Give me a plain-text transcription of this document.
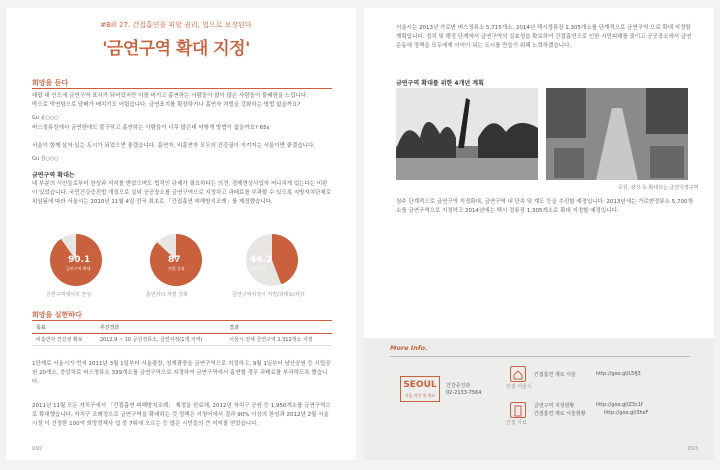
#Bill 27. 간접흡연을 피할 권리, 법으로 보장된다
'금연구역 확대 지정'
희망을 듣다
대답 대 인도에 금연구역 표시가 되어있지만 이를 어기고 흡연하는 사람들이 많이 많은 사람들이 불쾌함을 느낍니다.
박으로 막연함으로 담배가 배치기도 어렵습니다. 금연표지를 확장하거나 흡연자 처벌을 강화하는 방법 없을까요?
Gu 윤○○○
버스정류장에서 금연한데도 불구하고 흡연하는 사람들이 너무 많은데 어떻게 방법이 없을까요? 65s
서울이 함께 살자 있는 도시가 되었으면 좋겠습니다. 흡연자, 비흡연자 모두의 건강권이 지켜지는 서울이면 좋겠습니다.
Gu 김○○○
금연구역 확대는
대 부분의 시민들로부터 찬성과 지지를 받았으며도 법적인 규제가 필요하다는 의견, 경제면상사업자 저나치게 입는다는 비판이 있었습니다. 국민건강증진법 개정으로 실외 공공장소를 금연구역으로 지정하고 과태료를 부과할 수 있도록 지방자치단체로 위임됨에 따라 서울시는 2010년 11월 4일 전국 최초로 「간접흡연 피해방지조례」를 제정했습니다.
90.1
금연구역 확대
금연구역에서의 찬성
87
처벌 강화
흡연자의 처벌 강화
44.2
금연의지
금연구역지정시 처벌/과태료(사)?
희망을 실현하다
목표	추진경과	결과
비흡연자 건강권 확보	2012.9 ~ 10 공원정류소, 금연지정(1개 지역)	서울시 전체 금연구역 2,312개소 지정
1단계로 서울시가 먼저 2011년 3월 1일부터 서울광장, 청계광장을 금연구역으로 지정하고, 9월 1일부터 남산공원 등 시립공원 20개소, 중앙차로 버스정류소 339개소를 금연구역으로 지정하여 금연구역에서 흡연할 경우 과태료를 부과하도록 했습니다.
2011년 11월 모든 자치구에서 「간접흡연 피해방지조례」 제정을 완료해, 2012년 자치구 공원 등 1,950개소를 금연구역으로 확대했습니다. 자치구 조례정으로 금연구역을 확대하는 것 정책은 시청어에서 결과 90% 이상의 찬성과 2012년 2월 서울시청 이 선정한 100억 희망정책사 업 중 7위에 오르는 등 많은 시민들의 큰 지지를 얻었습니다.
092
서울시는 2013년 가로변 버스정류소 5,715개소, 2014년 택시정류장 1,305개소를 단계적으로 금연구역 으로 확대 지정할 계획입니다. 정치 및 행정 단계에서 금연구역의 실효성을 확보하여 간접흡연으로 인한 시민피해를 줄이고 공공장소에서 금연운동에 정책을 모두에게 이익이 되는 도시를 만들기 위해 노력하겠습니다.
금연구역 확대를 위한 4개년 계획
공원, 광장 등 확대되는 금연지정구역
청주 단계적으로 금연구역 지정확대, 금연구역 내 단속 및 계도 등을 추진할 예정입니다. 2013년에는 가로변정류소 5,700개소를 금연구역으로 지정하고 2014년에는 택시 정류장 1,305개소로 확대 지정할 예정입니다.
More Info.
SEOUL
서울 희망 및 완료
건강증진과
02-2133-7564
간접 서울시
간접흡연 제로 서울	http://goo.gl/L5fJ3
간접 자료
금연구역 지정현황	http://goo.gl/Z3c1f
간접흡연 제로 서울현황	http://goo.gl/3hsF
093
